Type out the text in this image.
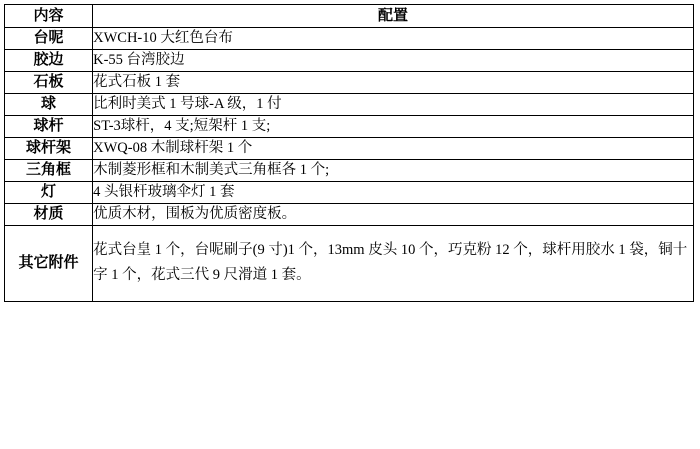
内容	配置
台呢	XWCH-10 大红色台布
胶边	K-55 台湾胶边
石板	花式石板 1 套
球	比利时美式 1 号球-A 级，1 付
球杆	ST-3球杆，4 支;短架杆 1 支;
球杆架	XWQ-08 木制球杆架 1 个
三角框	木制菱形框和木制美式三角框各 1 个;
灯	4 头银杆玻璃伞灯 1 套
材质	优质木材，围板为优质密度板。
其它附件	花式台皇 1 个，台呢刷子(9 寸)1 个，13mm 皮头 10 个，巧克粉 12 个，球杆用胶水 1 袋，铜十字 1 个，花式三代 9 尺滑道 1 套。
